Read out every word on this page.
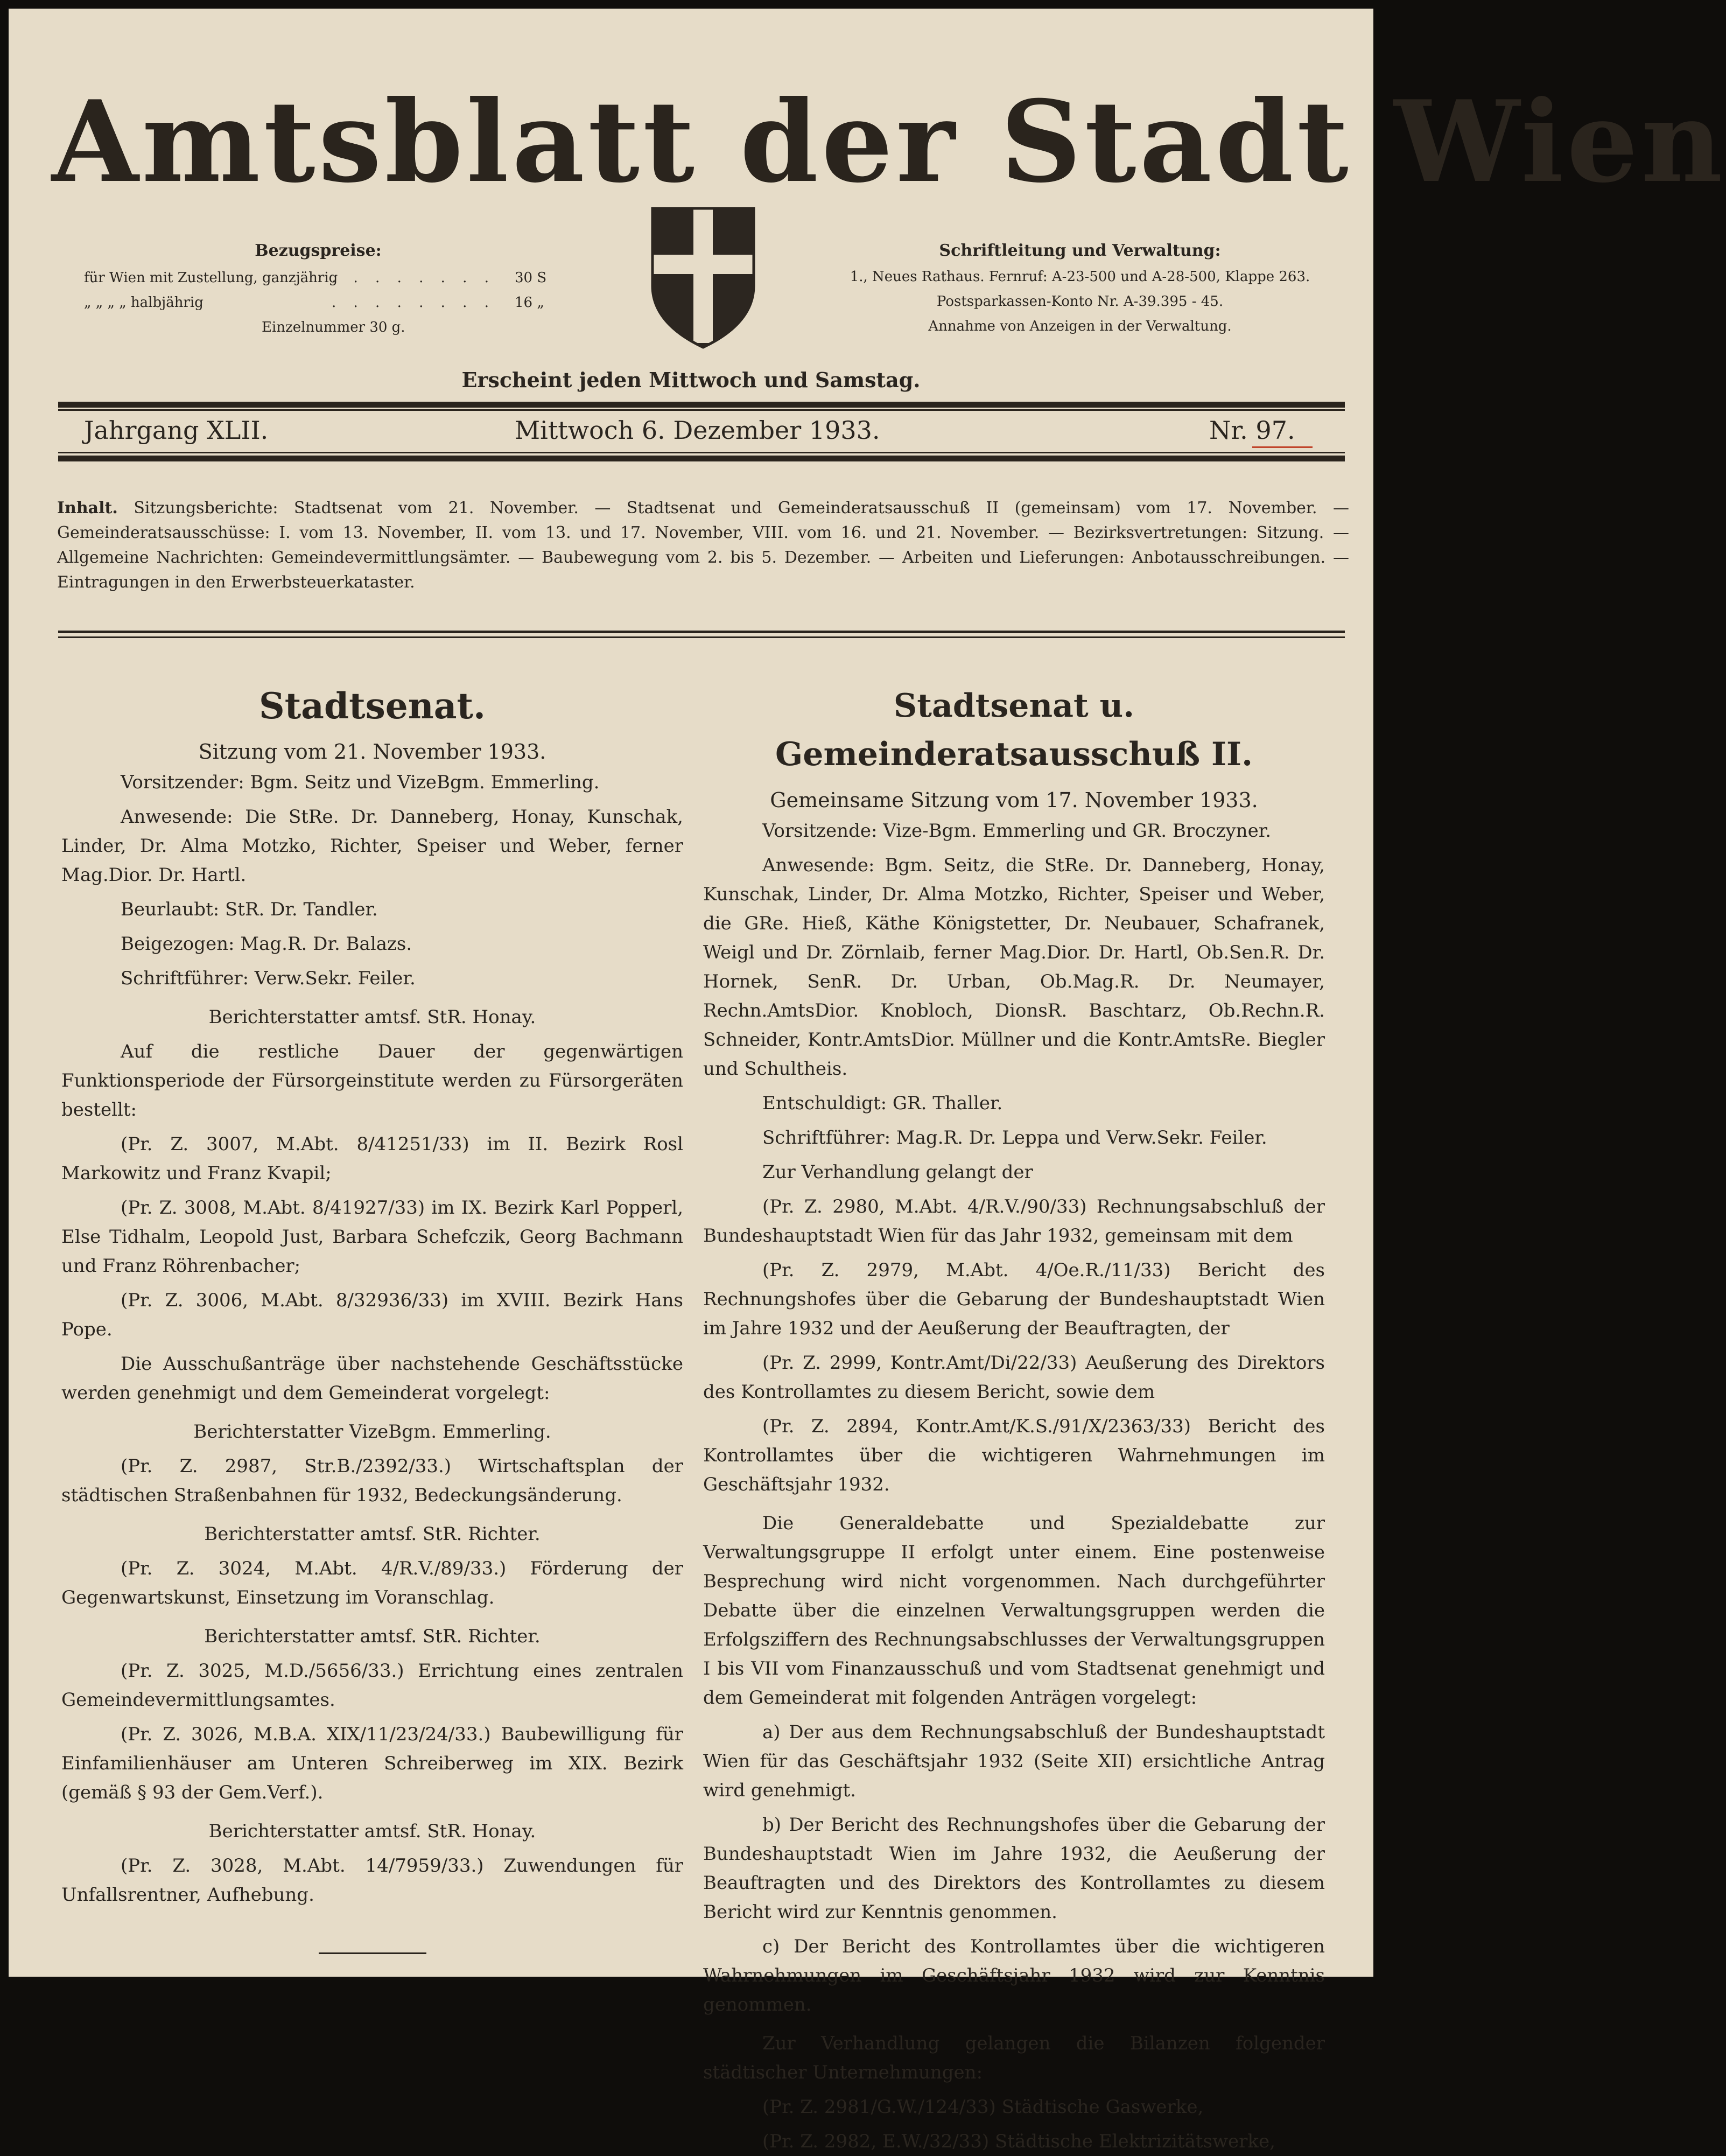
Amtsblatt der Stadt Wien
Bezugspreise:
für Wien mit Zustellung, ganzjährig
. . . . . . . . 30 S
„ „ „ „ halbjährig	. . . . . . . . 16 „
Einzelnummer 30 g.
Schriftleitung und Verwaltung:
1., Neues Rathaus. Fernruf: A-23-500 und A-28-500, Klappe 263.
Postsparkassen-Konto Nr. A-39.395 - 45.
Annahme von Anzeigen in der Verwaltung.
Erscheint jeden Mittwoch und Samstag.
Jahrgang XLII.	Mittwoch 6. Dezember 1933.	Nr. 97.
Inhalt. Sitzungsberichte: Stadtsenat vom 21. November. — Stadtsenat und Gemeinderatsausschuß II (gemeinsam) vom 17. November. — Gemeinderatsausschüsse: I. vom 13. November, II. vom 13. und 17. November, VIII. vom 16. und 21. November. — Bezirksvertretungen: Sitzung. — Allgemeine Nachrichten: Gemeindevermittlungsämter. — Baubewegung vom 2. bis 5. Dezember. — Arbeiten und Lieferungen: Anbotausschreibungen. — Eintragungen in den Erwerbsteuerkataster.
Stadtsenat.
Sitzung vom 21. November 1933.

Vorsitzender: Bgm. Seitz und VizeBgm. Emmerling.

Anwesende: Die StRe. Dr. Danneberg, Honay, Kunschak, Linder, Dr. Alma Motzko, Richter, Speiser und Weber, ferner Mag.Dior. Dr. Hartl.

Beurlaubt: StR. Dr. Tandler.

Beigezogen: Mag.R. Dr. Balazs.

Schriftführer: Verw.Sekr. Feiler.

Berichterstatter amtsf. StR. Honay.

Auf die restliche Dauer der gegenwärtigen Funktionsperiode der Fürsorgeinstitute werden zu Fürsorgeräten bestellt:

(Pr. Z. 3007, M.Abt. 8/41251/33) im II. Bezirk Rosl Markowitz und Franz Kvapil;

(Pr. Z. 3008, M.Abt. 8/41927/33) im IX. Bezirk Karl Popperl, Else Tidhalm, Leopold Just, Barbara Schefczik, Georg Bachmann und Franz Röhrenbacher;

(Pr. Z. 3006, M.Abt. 8/32936/33) im XVIII. Bezirk Hans Pope.

Die Ausschußanträge über nachstehende Geschäftsstücke werden genehmigt und dem Gemeinderat vorgelegt:

Berichterstatter VizeBgm. Emmerling.

(Pr. Z. 2987, Str.B./2392/33.) Wirtschaftsplan der städtischen Straßenbahnen für 1932, Bedeckungsänderung.

Berichterstatter amtsf. StR. Richter.

(Pr. Z. 3024, M.Abt. 4/R.V./89/33.) Förderung der Gegenwartskunst, Einsetzung im Voranschlag.

Berichterstatter amtsf. StR. Richter.

(Pr. Z. 3025, M.D./5656/33.) Errichtung eines zentralen Gemeindevermittlungsamtes.

(Pr. Z. 3026, M.B.A. XIX/11/23/24/33.) Baubewilligung für Einfamilienhäuser am Unteren Schreiberweg im XIX. Bezirk (gemäß § 93 der Gem.Verf.).

Berichterstatter amtsf. StR. Honay.

(Pr. Z. 3028, M.Abt. 14/7959/33.) Zuwendungen für Unfallsrentner, Aufhebung.

Stadtsenat u. Gemeinderatsausschuß II.
Gemeinsame Sitzung vom 17. November 1933.

Vorsitzende: Vize-Bgm. Emmerling und GR. Broczyner.

Anwesende: Bgm. Seitz, die StRe. Dr. Danneberg, Honay, Kunschak, Linder, Dr. Alma Motzko, Richter, Speiser und Weber, die GRe. Hieß, Käthe Königstetter, Dr. Neubauer, Schafranek, Weigl und Dr. Zörnlaib, ferner Mag.Dior. Dr. Hartl, Ob.Sen.R. Dr. Hornek, SenR. Dr. Urban, Ob.Mag.R. Dr. Neumayer, Rechn.AmtsDior. Knobloch, DionsR. Baschtarz, Ob.Rechn.R. Schneider, Kontr.AmtsDior. Müllner und die Kontr.AmtsRe. Biegler und Schultheis.

Entschuldigt: GR. Thaller.

Schriftführer: Mag.R. Dr. Leppa und Verw.Sekr. Feiler.

Zur Verhandlung gelangt der

(Pr. Z. 2980, M.Abt. 4/R.V./90/33) Rechnungsabschluß der Bundeshauptstadt Wien für das Jahr 1932, gemeinsam mit dem

(Pr. Z. 2979, M.Abt. 4/Oe.R./11/33) Bericht des Rechnungshofes über die Gebarung der Bundeshauptstadt Wien im Jahre 1932 und der Aeußerung der Beauftragten, der

(Pr. Z. 2999, Kontr.Amt/Di/22/33) Aeußerung des Direktors des Kontrollamtes zu diesem Bericht, sowie dem

(Pr. Z. 2894, Kontr.Amt/K.S./91/X/2363/33) Bericht des Kontrollamtes über die wichtigeren Wahrnehmungen im Geschäftsjahr 1932.

Die Generaldebatte und Spezialdebatte zur Verwaltungsgruppe II erfolgt unter einem. Eine postenweise Besprechung wird nicht vorgenommen. Nach durchgeführter Debatte über die einzelnen Verwaltungsgruppen werden die Erfolgsziffern des Rechnungsabschlusses der Verwaltungsgruppen I bis VII vom Finanzausschuß und vom Stadtsenat genehmigt und dem Gemeinderat mit folgenden Anträgen vorgelegt:

a) Der aus dem Rechnungsabschluß der Bundeshauptstadt Wien für das Geschäftsjahr 1932 (Seite XII) ersichtliche Antrag wird genehmigt.

b) Der Bericht des Rechnungshofes über die Gebarung der Bundeshauptstadt Wien im Jahre 1932, die Aeußerung der Beauftragten und des Direktors des Kontrollamtes zu diesem Bericht wird zur Kenntnis genommen.

c) Der Bericht des Kontrollamtes über die wichtigeren Wahrnehmungen im Geschäftsjahr 1932 wird zur Kenntnis genommen.

Zur Verhandlung gelangen die Bilanzen folgender städtischer Unternehmungen:

(Pr. Z. 2981/G.W./124/33) Städtische Gaswerke,

(Pr. Z. 2982, E.W./32/33) Städtische Elektrizitätswerke,
